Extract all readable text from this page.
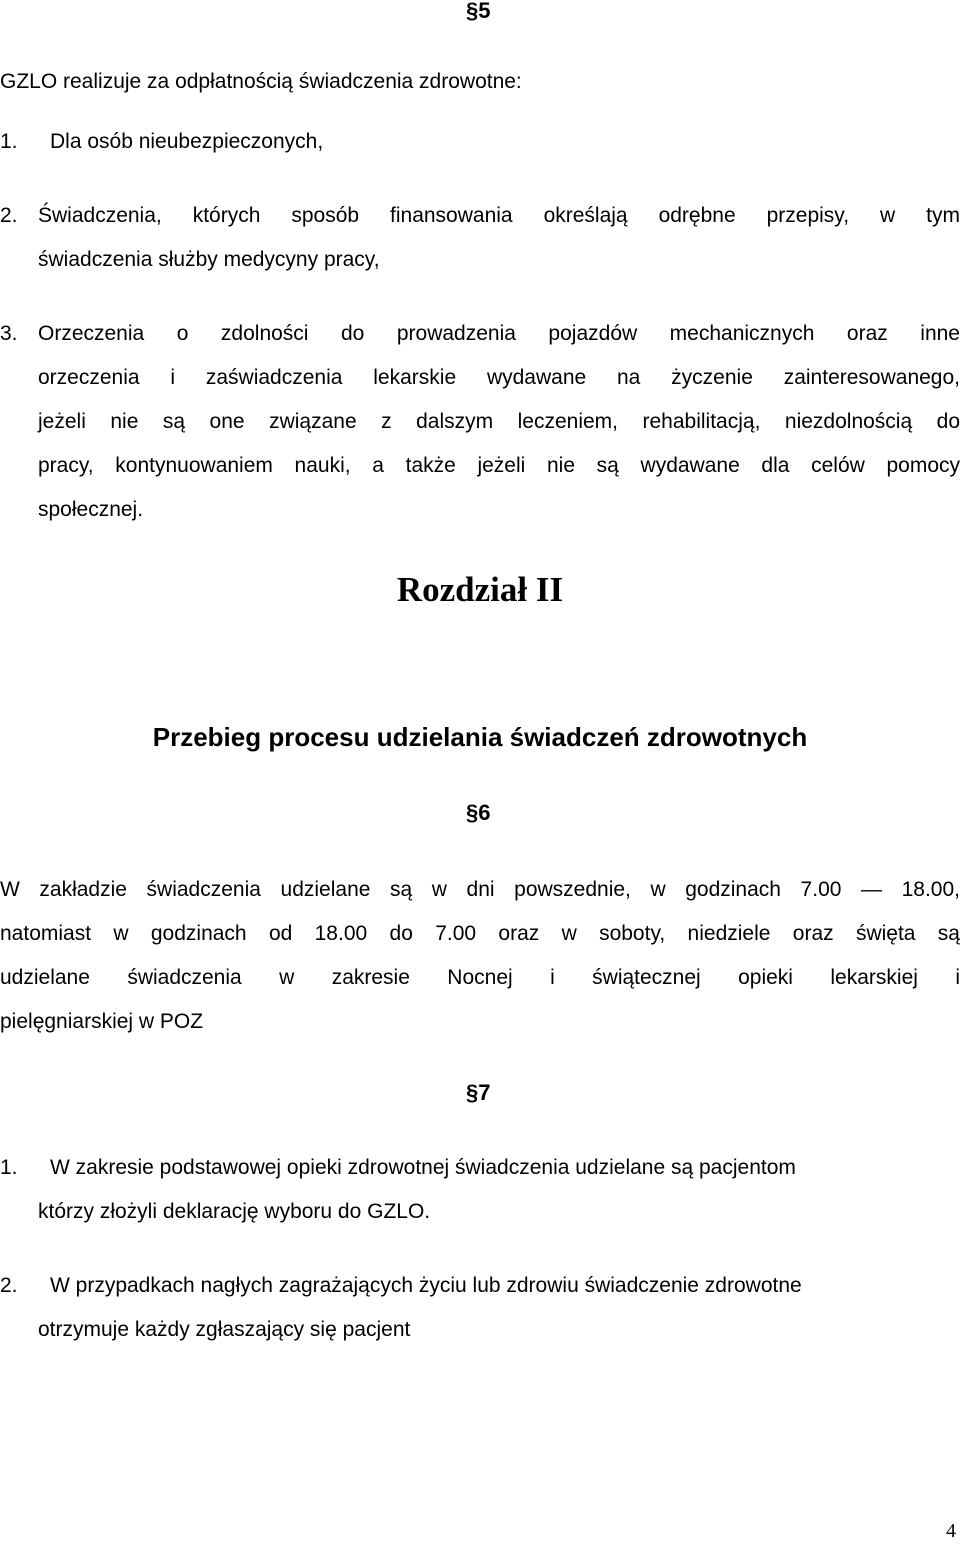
§5
GZLO realizuje za odpłatnością świadczenia zdrowotne:
1. Dla osób nieubezpieczonych,
2. Świadczenia, których sposób finansowania określają odrębne przepisy, w tym
świadczenia służby medycyny pracy,
3. Orzeczenia o zdolności do prowadzenia pojazdów mechanicznych oraz inne
orzeczenia i zaświadczenia lekarskie wydawane na życzenie zainteresowanego,
jeżeli nie są one związane z dalszym leczeniem, rehabilitacją, niezdolnością do
pracy, kontynuowaniem nauki, a także jeżeli nie są wydawane dla celów pomocy
społecznej.
Rozdział II
Przebieg procesu udzielania świadczeń zdrowotnych
§6
W zakładzie świadczenia udzielane są w dni powszednie, w godzinach 7.00 — 18.00,
natomiast w godzinach od 18.00 do 7.00 oraz w soboty, niedziele oraz święta są
udzielane świadczenia w zakresie Nocnej i świątecznej opieki lekarskiej i
pielęgniarskiej w POZ
§7
1. W zakresie podstawowej opieki zdrowotnej świadczenia udzielane są pacjentom
którzy złożyli deklarację wyboru do GZLO.
2. W przypadkach nagłych zagrażających życiu lub zdrowiu świadczenie zdrowotne
otrzymuje każdy zgłaszający się pacjent
4
